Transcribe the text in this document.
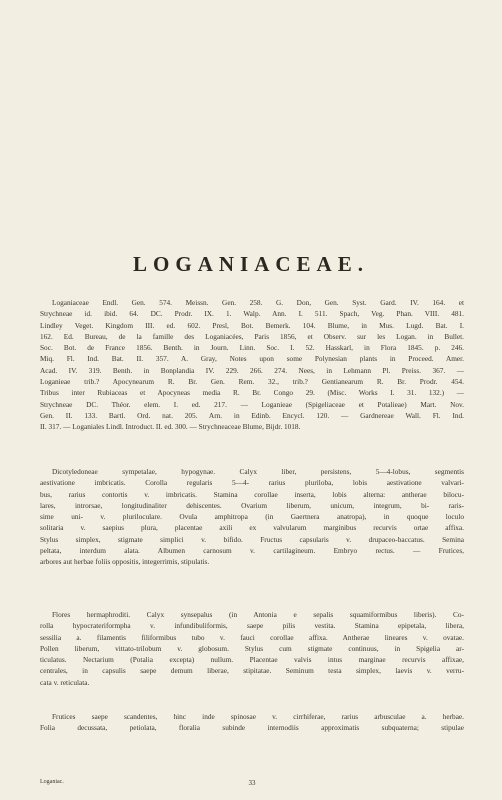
LOGANIACEAE.
Loganiaceae Endl. Gen. 574. Meissn. Gen. 258. G. Don, Gen. Syst. Gard. IV. 164. et
Strychneae id. ibid. 64. DC. Prodr. IX. 1. Walp. Ann. I. 511. Spach, Veg. Phan. VIII. 481.
Lindley Veget. Kingdom III. ed. 602. Presl, Bot. Bemerk. 104. Blume, in Mus. Lugd. Bat. I.
162. Ed. Bureau, de la famille des Loganiacées, Paris 1856, et Observ. sur les Logan. in Bullet.
Soc. Bot. de France 1856. Benth. in Journ. Linn. Soc. I. 52. Hasskarl, in Flora 1845. p. 246.
Miq. Fl. Ind. Bat. II. 357. A. Gray, Notes upon some Polynesian plants in Proceed. Amer.
Acad. IV. 319. Benth. in Bonplandia IV. 229. 266. 274. Nees, in Lehmann Pl. Preiss. 367. —
Loganieae trib.? Apocynearum R. Br. Gen. Rem. 32., trib.? Gentianearum R. Br. Prodr. 454.
Tribus inter Rubiaceas et Apocyneas media R. Br. Congo 29. (Misc. Works I. 31. 132.) —
Strychneae DC. Théor. elem. I. ed. 217. — Loganieae (Spigeliaceae et Potalieae) Mart. Nov.
Gen. II. 133. Bartl. Ord. nat. 205. Arn. in Edinb. Encycl. 120. — Gardnereae Wall. Fl. Ind.
II. 317. — Loganiales Lindl. Introduct. II. ed. 300. — Strychneaceae Blume, Bijdr. 1018.
Dicotyledoneae sympetalae, hypogynae. Calyx liber, persistens, 5—4-lobus, segmentis
aestivatione imbricatis. Corolla regularis 5—4- rarius pluriloba, lobis aestivatione valvari-
bus, rarius contortis v. imbricatis. Stamina corollae inserta, lobis alterna: antherae bilocu-
lares, introrsae, longitudinaliter dehiscentes. Ovarium liberum, unicum, integrum, bi- raris-
sime uni- v. pluriloculare. Ovula amphitropa (in Gaertnera anatropa), in quoque loculo
solitaria v. saepius plura, placentae axili ex valvularum marginibus recurvis ortae affixa.
Stylus simplex, stigmate simplici v. bifido. Fructus capsularis v. drupaceo-baccatus. Semina
peltata, interdum alata. Albumen carnosum v. cartilagineum. Embryo rectus. — Frutices,
arbores aut herbae foliis oppositis, integerrimis, stipulatis.
Flores hermaphroditi. Calyx synsepalus (in Antonia e sepalis squamiformibus liberis). Co-
rolla hypocrateriformpha v. infundibuliformis, saepe pilis vestita. Stamina epipetala, libera,
sessilia a. filamentis filiformibus tubo v. fauci corollae affixa. Antherae lineares v. ovatae.
Pollen liberum, vittato-trilobum v. globosum. Stylus cum stigmate continuus, in Spigelia ar-
ticulatus. Nectarium (Potalia excepta) nullum. Placentae valvis intus marginae recurvis affixae,
centrales, in capsulis saepe demum liberae, stipitatae. Seminum testa simplex, laevis v. verru-
cata v. reticulata.
Frutices saepe scandentes, hinc inde spinosae v. cirrhiferae, rarius arbusculae a. herbae.
Folia decussata, petiolata, floralia subinde internodiis approximatis subquaterna; stipulae
Loganiac.	33
